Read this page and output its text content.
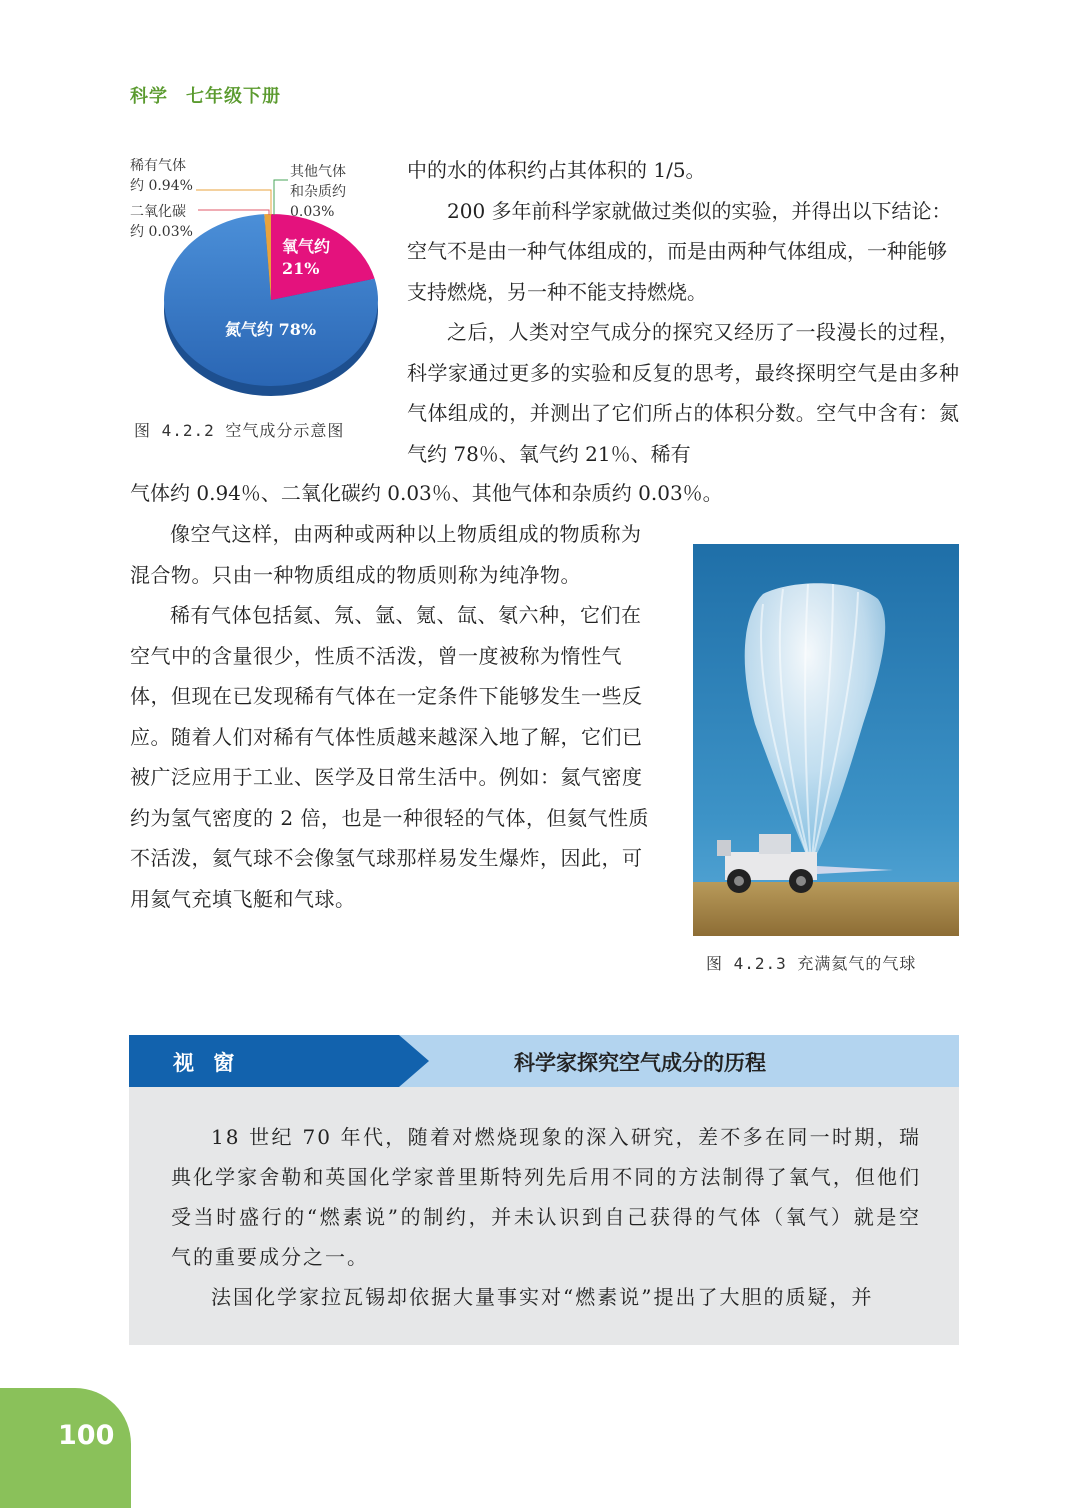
科学 七年级下册
稀有气体
约 0.94%
二氧化碳
约 0.03%
其他气体
和杂质约
0.03%
氧气约
21%
氮气约 78%
图 4.2.2 空气成分示意图

中的水的体积约占其体积的 1/5。

200 多年前科学家就做过类似的实验，并得出以下结论：空气不是由一种气体组成的，而是由两种气体组成，一种能够支持燃烧，另一种不能支持燃烧。

之后，人类对空气成分的探究又经历了一段漫长的过程，科学家通过更多的实验和反复的思考，最终探明空气是由多种气体组成的，并测出了它们所占的体积分数。空气中含有：氮气约 78％、氧气约 21％、稀有

气体约 0.94％、二氧化碳约 0.03％、其他气体和杂质约 0.03％。

像空气这样，由两种或两种以上物质组成的物质称为混合物。只由一种物质组成的物质则称为纯净物。

稀有气体包括氦、氖、氩、氪、氙、氡六种，它们在空气中的含量很少，性质不活泼，曾一度被称为惰性气体，但现在已发现稀有气体在一定条件下能够发生一些反应。随着人们对稀有气体性质越来越深入地了解，它们已被广泛应用于工业、医学及日常生活中。例如：氦气密度约为氢气密度的 2 倍，也是一种很轻的气体，但氦气性质不活泼，氦气球不会像氢气球那样易发生爆炸，因此，可用氦气充填飞艇和气球。

图 4.2.3 充满氦气的气球
视 窗	科学家探究空气成分的历程

18 世纪 70 年代，随着对燃烧现象的深入研究，差不多在同一时期，瑞典化学家舍勒和英国化学家普里斯特列先后用不同的方法制得了氧气，但他们受当时盛行的“燃素说”的制约，并未认识到自己获得的气体（氧气）就是空气的重要成分之一。

法国化学家拉瓦锡却依据大量事实对“燃素说”提出了大胆的质疑，并

100
